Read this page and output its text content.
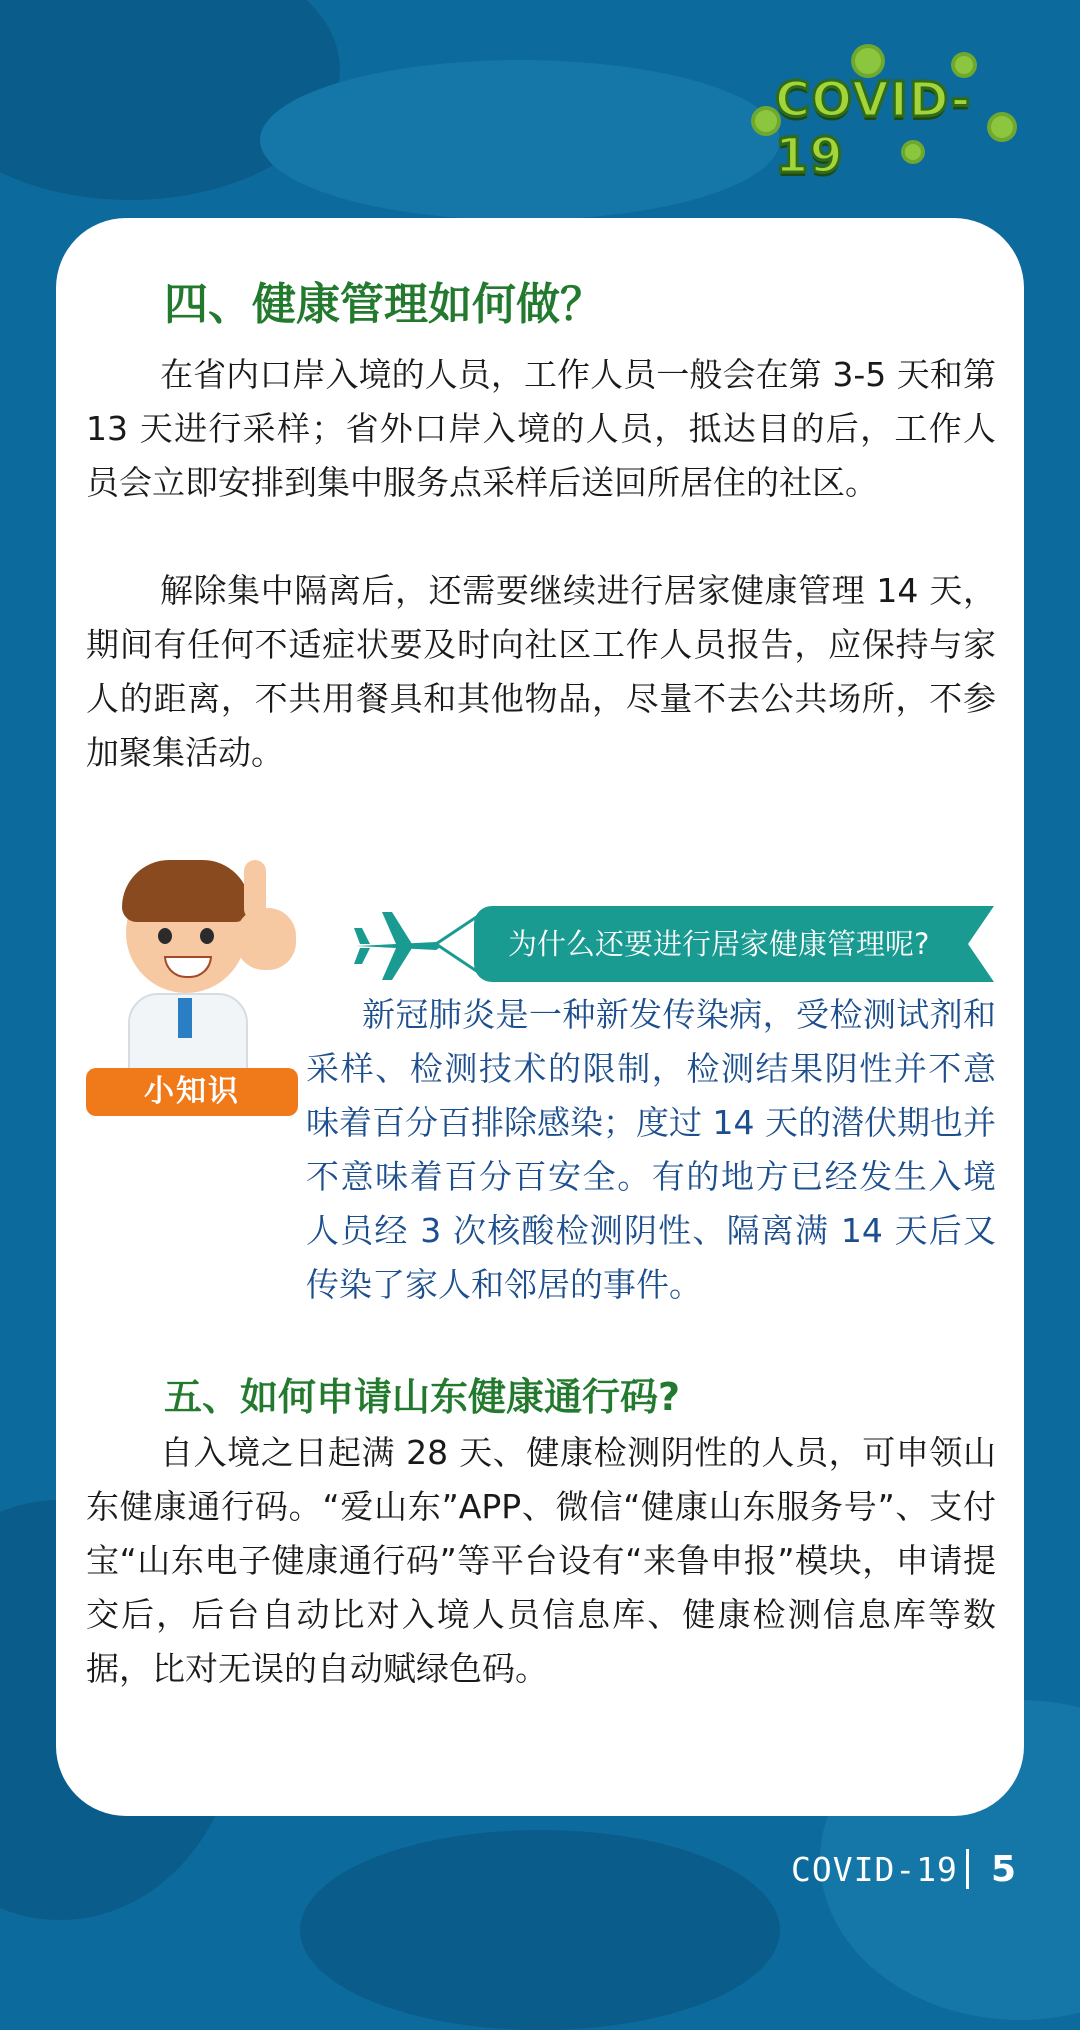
COVID-19
四、健康管理如何做？

在省内口岸入境的人员，工作人员一般会在第 3-5 天和第 13 天进行采样；省外口岸入境的人员，抵达目的后，工作人员会立即安排到集中服务点采样后送回所居住的社区。

解除集中隔离后，还需要继续进行居家健康管理 14 天，期间有任何不适症状要及时向社区工作人员报告，应保持与家人的距离，不共用餐具和其他物品，尽量不去公共场所，不参加聚集活动。

小知识
为什么还要进行居家健康管理呢?

新冠肺炎是一种新发传染病，受检测试剂和采样、检测技术的限制，检测结果阴性并不意味着百分百排除感染；度过 14 天的潜伏期也并不意味着百分百安全。有的地方已经发生入境人员经 3 次核酸检测阴性、隔离满 14 天后又传染了家人和邻居的事件。

五、如何申请山东健康通行码?

自入境之日起满 28 天、健康检测阴性的人员，可申领山东健康通行码。“爱山东”APP、微信“健康山东服务号”、支付宝“山东电子健康通行码”等平台设有“来鲁申报”模块，申请提交后，后台自动比对入境人员信息库、健康检测信息库等数据，比对无误的自动赋绿色码。

COVID-19 5
